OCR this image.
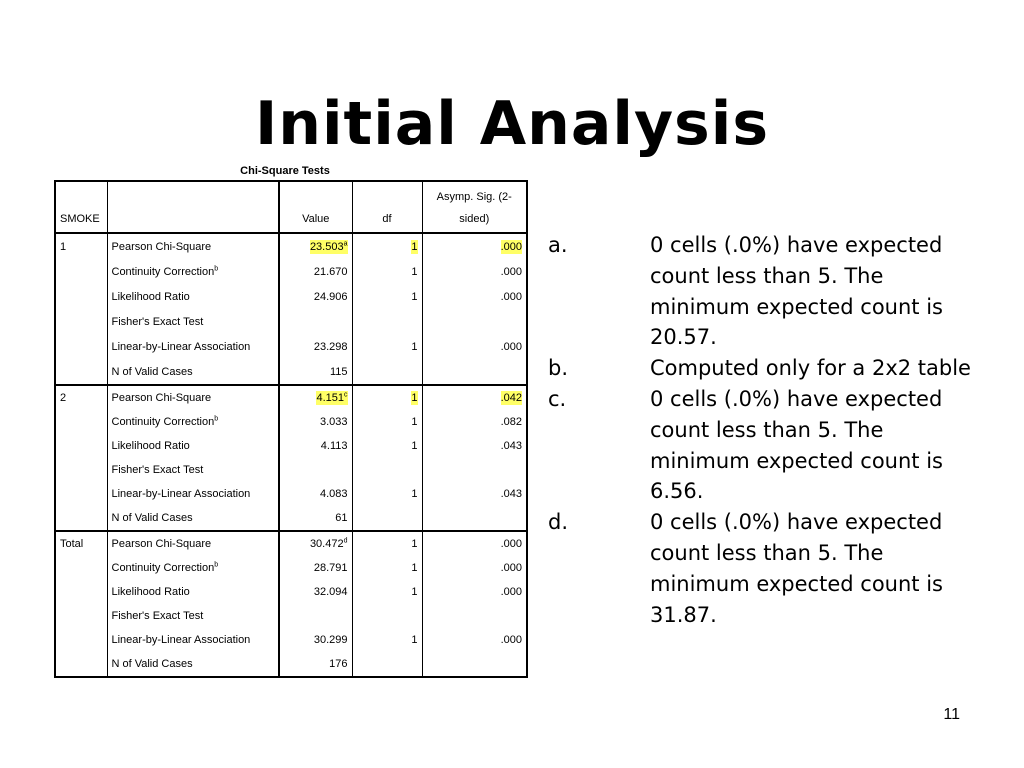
Initial Analysis
Chi-Square Tests
SMOKE		Value	df	Asymp. Sig. (2-
sided)
1	Pearson Chi-Square	23.503$^a$	1	.000
	Continuity Correction$^b$	21.670	1	.000
	Likelihood Ratio	24.906	1	.000
	Fisher's Exact Test			
	Linear-by-Linear Association	23.298	1	.000
	N of Valid Cases	115		
2	Pearson Chi-Square	4.151$^c$	1	.042
	Continuity Correction$^b$	3.033	1	.082
	Likelihood Ratio	4.113	1	.043
	Fisher's Exact Test			
	Linear-by-Linear Association	4.083	1	.043
	N of Valid Cases	61		
Total	Pearson Chi-Square	30.472$^d$	1	.000
	Continuity Correction$^b$	28.791	1	.000
	Likelihood Ratio	32.094	1	.000
	Fisher's Exact Test			
	Linear-by-Linear Association	30.299	1	.000
	N of Valid Cases	176		
a.	0 cells (.0%) have expected count less than 5. The minimum expected count is 20.57.
b.	Computed only for a 2x2 table
c.	0 cells (.0%) have expected count less than 5. The minimum expected count is 6.56.
d.	0 cells (.0%) have expected count less than 5. The minimum expected count is 31.87.
11
